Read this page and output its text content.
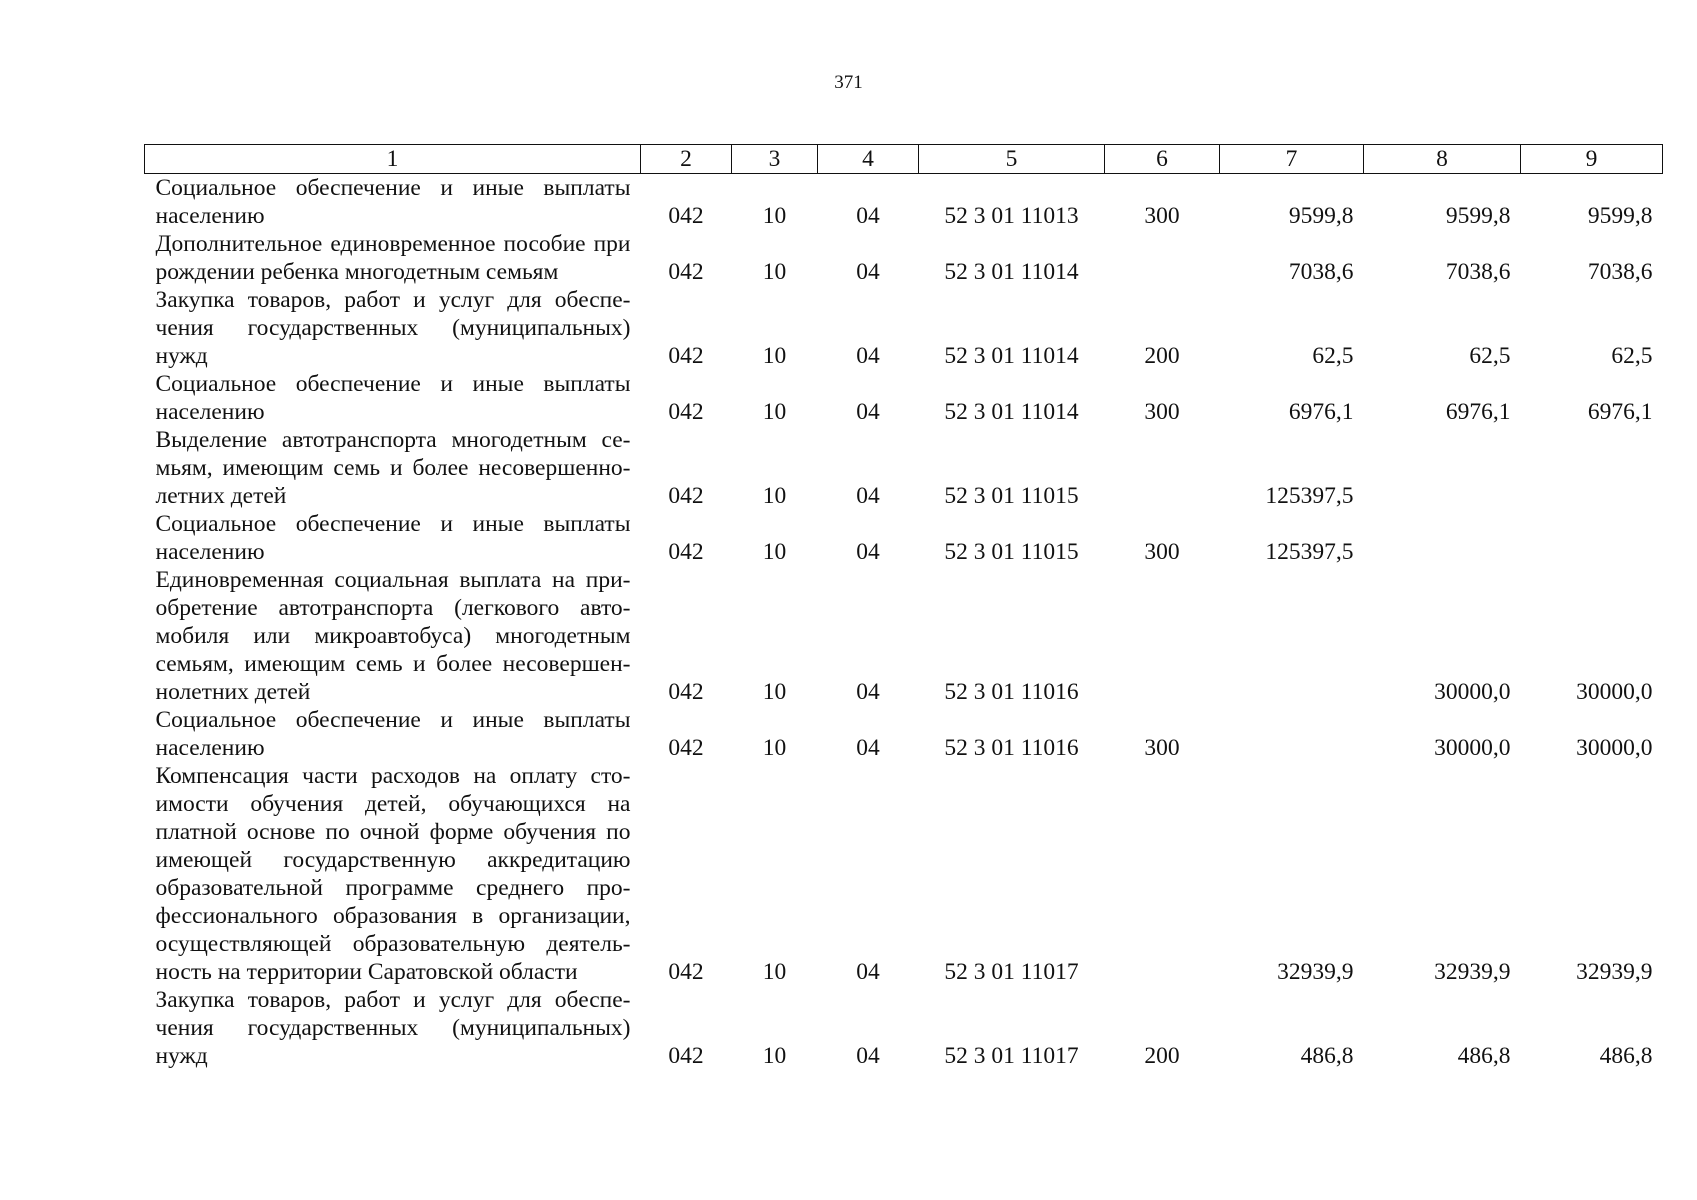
371
1	2	3	4	5	6	7	8	9
Социальное обеспечение и иные выплаты населению	042	10	04	52 3 01 11013	300	9599,8	9599,8	9599,8
Дополнительное единовременное пособие при рождении ребенка многодетным семьям	042	10	04	52 3 01 11014		7038,6	7038,6	7038,6
Закупка товаров, работ и услуг для обеспечения государственных (муниципальных) нужд	042	10	04	52 3 01 11014	200	62,5	62,5	62,5
Социальное обеспечение и иные выплаты населению	042	10	04	52 3 01 11014	300	6976,1	6976,1	6976,1
Выделение автотранспорта многодетным семьям, имеющим семь и более несовершеннолетних детей	042	10	04	52 3 01 11015		125397,5		
Социальное обеспечение и иные выплаты населению	042	10	04	52 3 01 11015	300	125397,5		
Единовременная социальная выплата на приобретение автотранспорта (легкового автомобиля или микроавтобуса) многодетным семьям, имеющим семь и более несовершеннолетних детей	042	10	04	52 3 01 11016			30000,0	30000,0
Социальное обеспечение и иные выплаты населению	042	10	04	52 3 01 11016	300		30000,0	30000,0
Компенсация части расходов на оплату стоимости обучения детей, обучающихся на платной основе по очной форме обучения по имеющей государственную аккредитацию образовательной программе среднего профессионального образования в организации, осуществляющей образовательную деятельность на территории Саратовской области	042	10	04	52 3 01 11017		32939,9	32939,9	32939,9
Закупка товаров, работ и услуг для обеспечения государственных (муниципальных) нужд	042	10	04	52 3 01 11017	200	486,8	486,8	486,8
